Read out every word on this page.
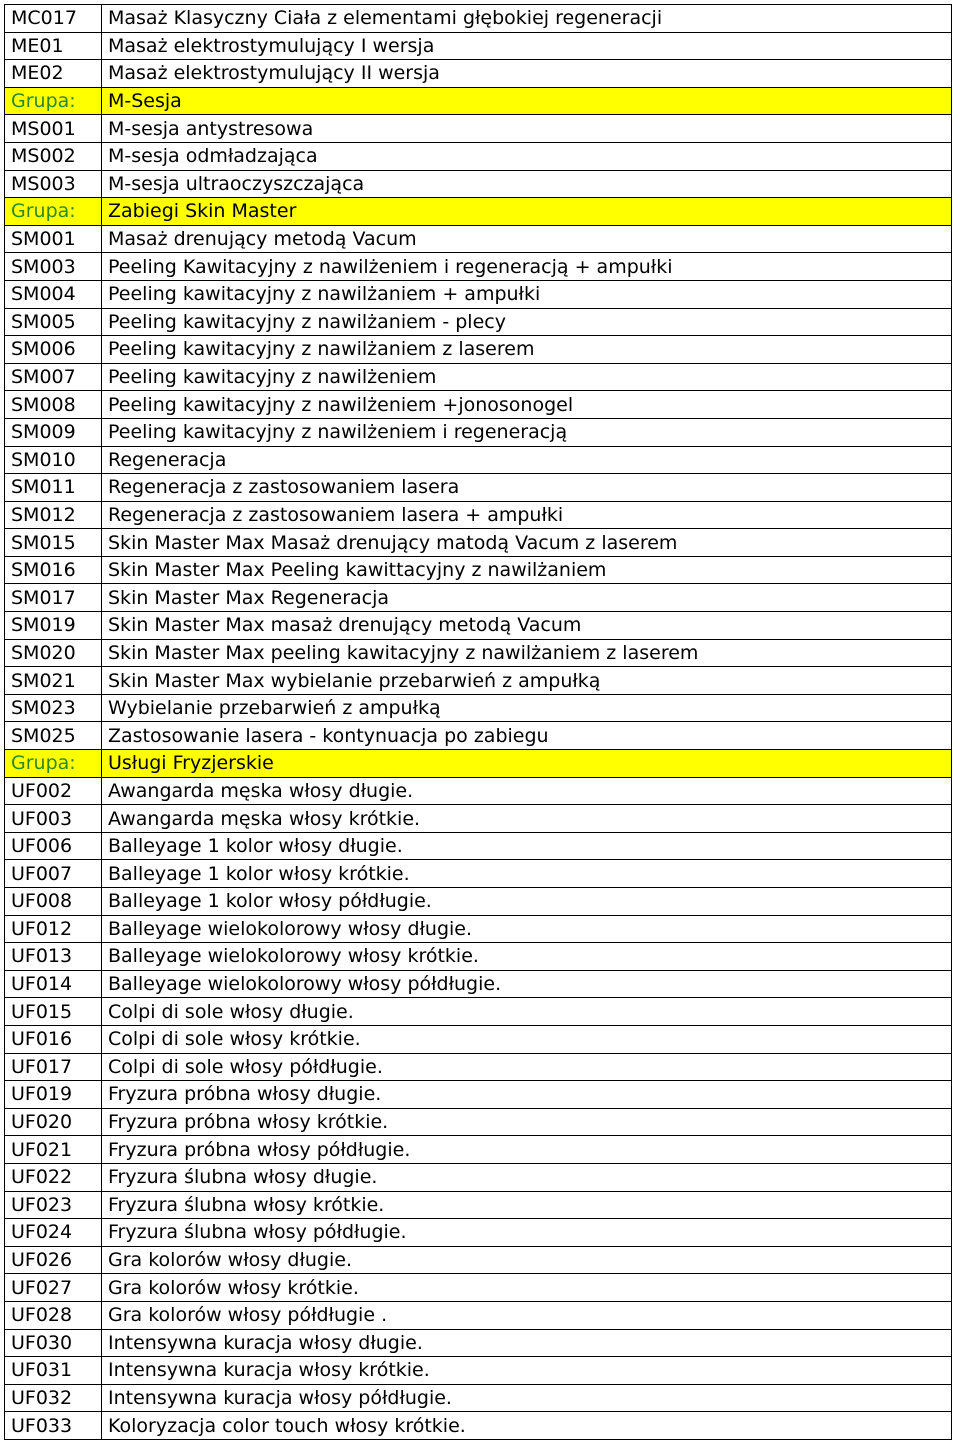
MC017	Masaż Klasyczny Ciała z elementami głębokiej regeneracji
ME01	Masaż elektrostymulujący I wersja
ME02	Masaż elektrostymulujący II wersja
Grupa:	M-Sesja
MS001	M-sesja antystresowa
MS002	M-sesja odmładzająca
MS003	M-sesja ultraoczyszczająca
Grupa:	Zabiegi Skin Master
SM001	Masaż drenujący metodą Vacum
SM003	Peeling Kawitacyjny z nawilżeniem i regeneracją + ampułki
SM004	Peeling kawitacyjny z nawilżaniem + ampułki
SM005	Peeling kawitacyjny z nawilżaniem - plecy
SM006	Peeling kawitacyjny z nawilżaniem z laserem
SM007	Peeling kawitacyjny z nawilżeniem
SM008	Peeling kawitacyjny z nawilżeniem +jonosonogel
SM009	Peeling kawitacyjny z nawilżeniem i regeneracją
SM010	Regeneracja
SM011	Regeneracja z zastosowaniem lasera
SM012	Regeneracja z zastosowaniem lasera + ampułki
SM015	Skin Master Max Masaż drenujący matodą Vacum z laserem
SM016	Skin Master Max Peeling kawittacyjny z nawilżaniem
SM017	Skin Master Max Regeneracja
SM019	Skin Master Max masaż drenujący metodą Vacum
SM020	Skin Master Max peeling kawitacyjny z nawilżaniem z laserem
SM021	Skin Master Max wybielanie przebarwień z ampułką
SM023	Wybielanie przebarwień z ampułką
SM025	Zastosowanie lasera - kontynuacja po zabiegu
Grupa:	Usługi Fryzjerskie
UF002	Awangarda męska włosy długie.
UF003	Awangarda męska włosy krótkie.
UF006	Balleyage 1 kolor włosy długie.
UF007	Balleyage 1 kolor włosy krótkie.
UF008	Balleyage 1 kolor włosy półdługie.
UF012	Balleyage wielokolorowy włosy długie.
UF013	Balleyage wielokolorowy włosy krótkie.
UF014	Balleyage wielokolorowy włosy półdługie.
UF015	Colpi di sole włosy długie.
UF016	Colpi di sole włosy krótkie.
UF017	Colpi di sole włosy półdługie.
UF019	Fryzura próbna włosy długie.
UF020	Fryzura próbna włosy krótkie.
UF021	Fryzura próbna włosy półdługie.
UF022	Fryzura ślubna włosy długie.
UF023	Fryzura ślubna włosy krótkie.
UF024	Fryzura ślubna włosy półdługie.
UF026	Gra kolorów włosy długie.
UF027	Gra kolorów włosy krótkie.
UF028	Gra kolorów włosy półdługie .
UF030	Intensywna kuracja włosy długie.
UF031	Intensywna kuracja włosy krótkie.
UF032	Intensywna kuracja włosy półdługie.
UF033	Koloryzacja color touch włosy krótkie.
